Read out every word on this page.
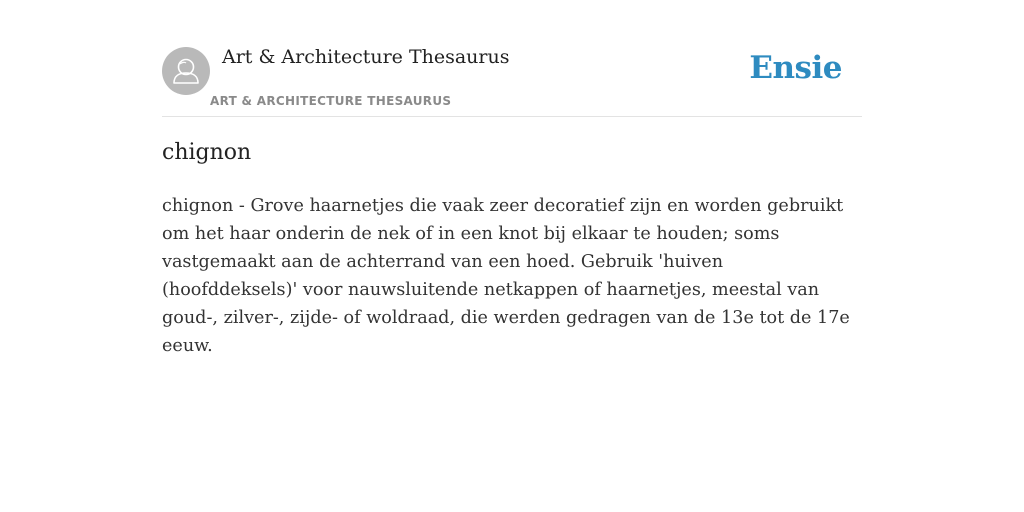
Art & Architecture Thesaurus
ART & ARCHITECTURE THESAURUS
Ensie
chignon

chignon - Grove haarnetjes die vaak zeer decoratief zijn en worden gebruikt om het haar onderin de nek of in een knot bij elkaar te houden; soms vastgemaakt aan de achterrand van een hoed. Gebruik 'huiven (hoofddeksels)' voor nauwsluitende netkappen of haarnetjes, meestal van goud-, zilver-, zijde- of woldraad, die werden gedragen van de 13e tot de 17e eeuw.
